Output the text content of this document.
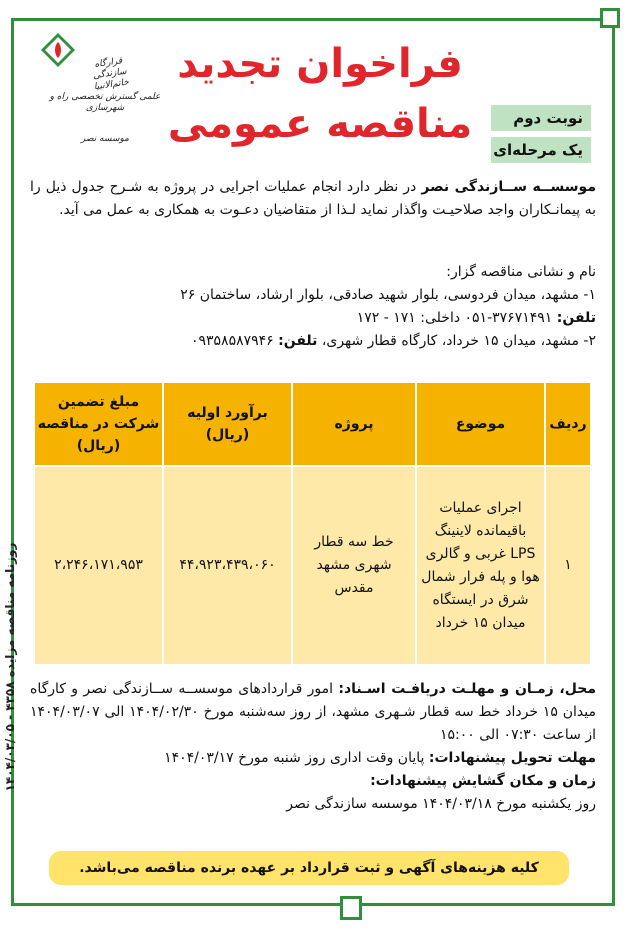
روزنامه مناقصه مزایده ۴۳۵۸ - ۱۴۰۴/۰۳/۰۵
قرارگاه سازندگی خاتم‌الانبیا
علمی گسترش تخصصی راه و شهرسازی
موسسه نصر
فراخوان تجدید
مناقصه عمومی	نوبت دوم
یک مرحله‌ای
موسســه ســازندگی نصر در نظر دارد انجام عملیات اجرایی در پروژه به شـرح جدول ذیل را به پیمانـکاران واجد صلاحیـت واگذار نماید لـذا از متقاضیان دعـوت به همکاری به عمل می آید.
نام و نشانی مناقصه گزار:
۱- مشهد، میدان فردوسی، بلوار شهید صادقی، بلوار ارشاد، ساختمان ۲۶
تلفن: ۳۷۶۷۱۴۹۱-۰۵۱ داخلی: ۱۷۱ - ۱۷۲
۲- مشهد، میدان ۱۵ خرداد، کارگاه قطار شهری، تلفن: ۰۹۳۵۸۵۸۷۹۴۶
ردیف	موضوع	پروژه	برآورد اولیه (ریال)	مبلغ تضمین شرکت در مناقصه (ریال)
۱	اجرای عملیات باقیمانده لاینینگ LPS غربی و گالری هوا و پله فرار شمال شرق در ایستگاه میدان ۱۵ خرداد	خط سه قطار شهری مشهد مقدس	۴۴،۹۲۳،۴۳۹،۰۶۰	۲،۲۴۶،۱۷۱،۹۵۳
محل، زمـان و مهلـت دریافـت اسـناد: امور قراردادهای موسســه ســازندگی نصر و کارگاه میدان ۱۵ خرداد خط سه قطار شـهری مشهد، از روز سه‌شنبه مورخ ۱۴۰۴/۰۲/۳۰ الی ۱۴۰۴/۰۳/۰۷ از ساعت ۰۷:۳۰ الی ۱۵:۰۰
مهلت تحویل پیشنهادات: پایان وقت اداری روز شنبه مورخ ۱۴۰۴/۰۳/۱۷
زمان و مکان گشایش پیشنهادات:
روز یکشنبه مورخ ۱۴۰۴/۰۳/۱۸ موسسه سازندگی نصر
کلیه هزینه‌های آگهی و ثبت قرارداد بر عهده برنده مناقصه می‌باشد.
